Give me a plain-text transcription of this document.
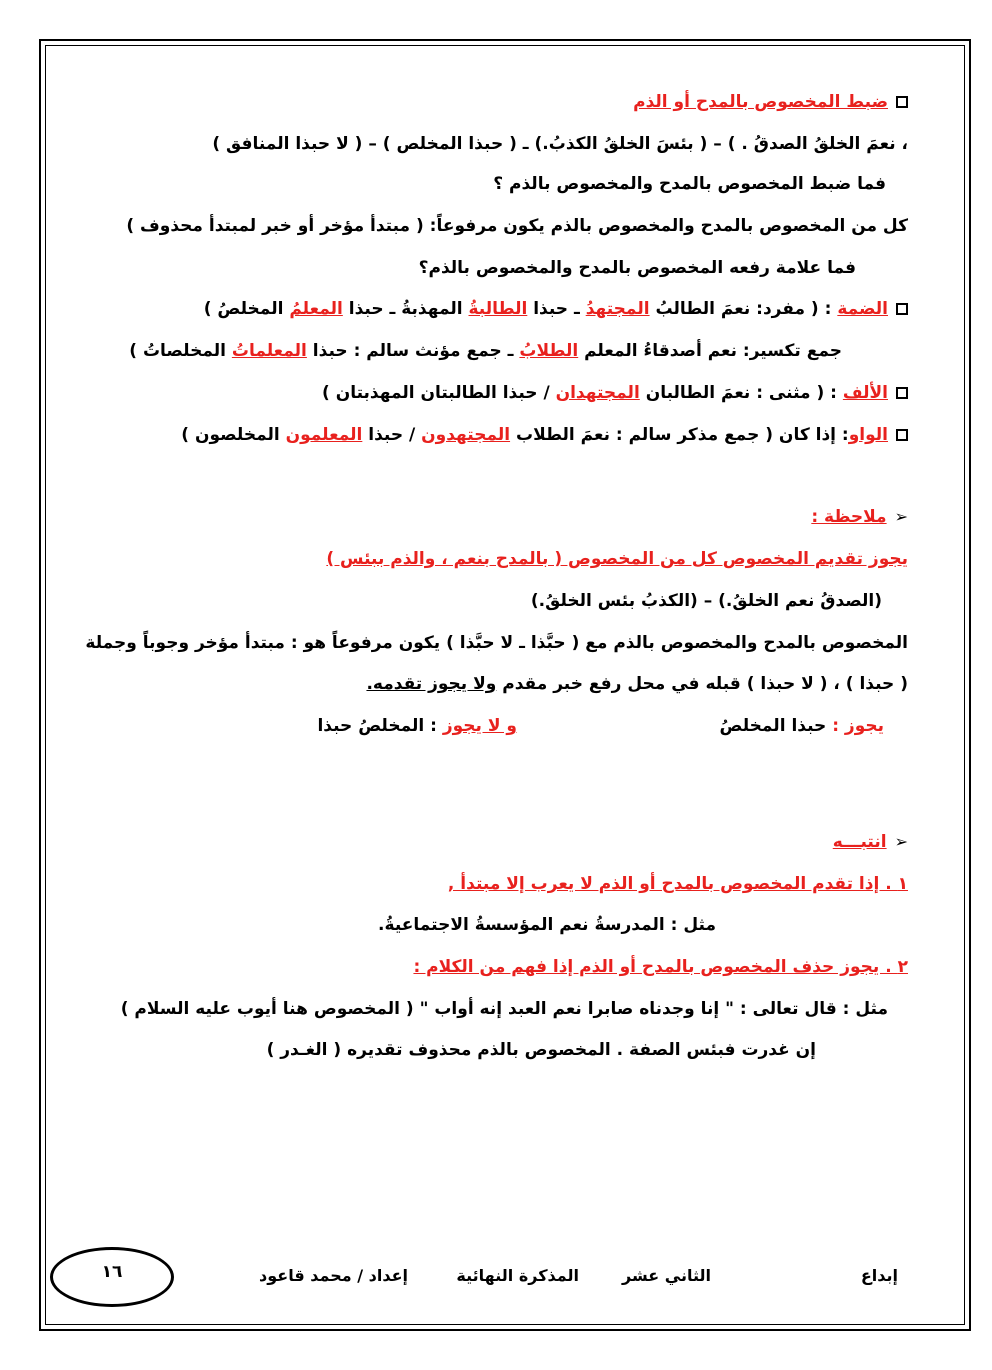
ضبط المخصوص بالمدح أو الذم
، نعمَ الخلقُ الصدقُ . ) – ( بئسَ الخلقُ الكذبُ.) ـ ( حبذا المخلص ) – ( لا حبذا المنافق )
فما ضبط المخصوص بالمدح والمخصوص بالذم ؟
كل من المخصوص بالمدح والمخصوص بالذم يكون مرفوعاً: ( مبتدأ مؤخر أو خبر لمبتدأ محذوف )
فما علامة رفعه المخصوص بالمدح والمخصوص بالذم؟
الضمة : ( مفرد: نعمَ الطالبُ المجتهدُ ـ حبذا الطالبةُ المهذبةُ ـ حبذا المعلمُ المخلصُ )
جمع تكسير: نعم أصدقاءُ المعلم الطلابُ ـ جمع مؤنث سالم : حبذا المعلماتُ المخلصاتُ )
الألف : ( مثنى : نعمَ الطالبان المجتهدان / حبذا الطالبتان المهذبتان )
الواو: إذا كان ( جمع مذكر سالم : نعمَ الطلاب المجتهدون / حبذا المعلمون المخلصون )
➢ملاحظة :
يجوز تقديم المخصوص كل من المخصوص ( بالمدح بنعم ، والذم ببئس )
(الصدقُ نعم الخلقُ.) – (الكذبُ بئس الخلقُ.)
المخصوص بالمدح والمخصوص بالذم مع ( حبَّذا ـ لا حبَّذا ) يكون مرفوعاً هو : مبتدأ مؤخر وجوباً وجملة
( حبذا ) ، ( لا حبذا ) قبله في محل رفع خبر مقدم ولا يجوز تقدمه.
يجوز : حبذا المخلصُ
و لا يجوز : المخلصُ حبذا
➢انتبـــه
١ . إذا تقدم المخصوص بالمدح أو الذم لا يعرب إلا مبتدأ ,
مثل : المدرسةُ نعم المؤسسةُ الاجتماعيةُ.
٢ . يجوز حذف المخصوص بالمدح أو الذم إذا فهم من الكلام :
مثل : قال تعالى : " إنا وجدناه صابرا نعم العبد إنه أواب " ( المخصوص هنا أيوب عليه السلام )
إن غدرت فبئس الصفة . المخصوص بالذم محذوف تقديره ( الغـدر )
إبداع
الثاني عشر
المذكرة النهائية
إعداد / محمد قاعود
١٦
